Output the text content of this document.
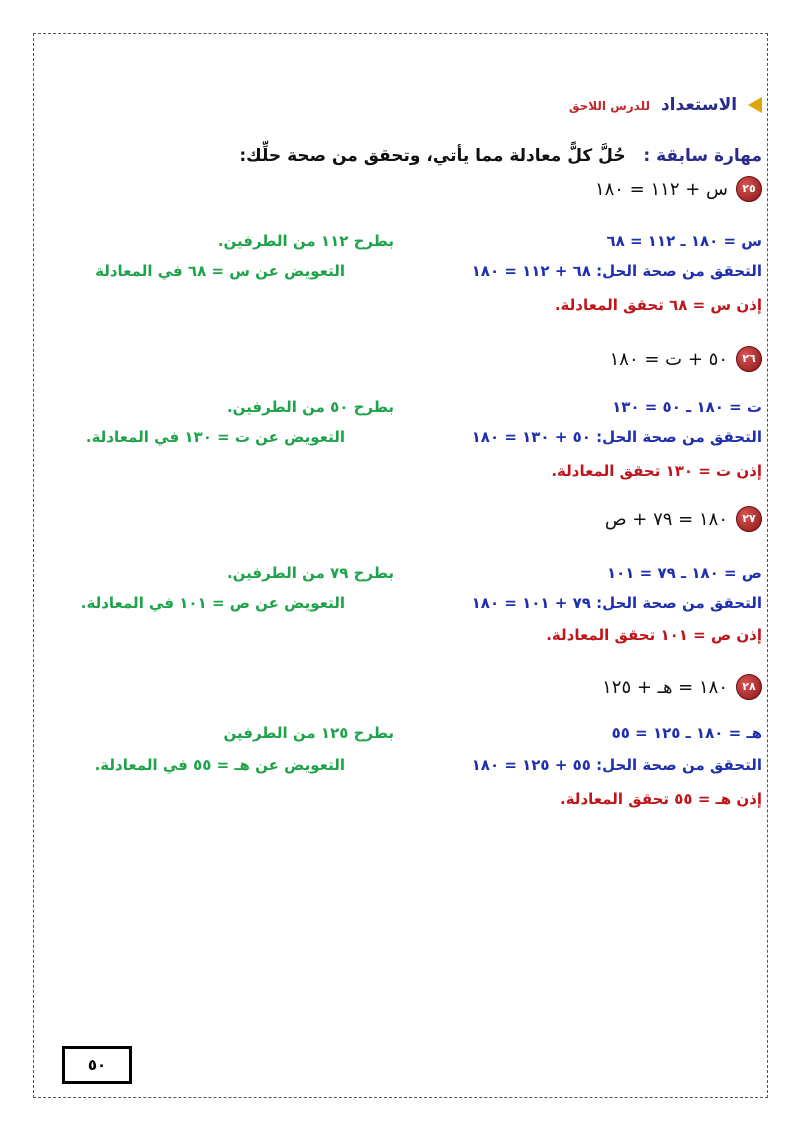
الاستعداد للدرس اللاحق
مهارة سابقة :   حُلَّ كلًّ معادلة مما يأتي، وتحقق من صحة حلِّك:
٢٥
س + ١١٢ = ١٨٠
س = ١٨٠ ـ ١١٢ = ٦٨
بطرح ١١٢ من الطرفين.
التحقق من صحة الحل: ٦٨ + ١١٢ = ١٨٠
التعويض عن س = ٦٨ في المعادلة
إذن س = ٦٨ تحقق المعادلة.
٢٦
٥٠ + ت = ١٨٠
ت = ١٨٠ ـ ٥٠ = ١٣٠
بطرح ٥٠ من الطرفين.
التحقق من صحة الحل: ٥٠ + ١٣٠ = ١٨٠
التعويض عن ت = ١٣٠ في المعادلة.
إذن ت = ١٣٠ تحقق المعادلة.
٢٧
١٨٠ = ٧٩ + ص
ص = ١٨٠ ـ ٧٩ = ١٠١
بطرح ٧٩ من الطرفين.
التحقق من صحة الحل: ٧٩ + ١٠١ = ١٨٠
التعويض عن ص = ١٠١ في المعادلة.
إذن ص = ١٠١ تحقق المعادلة.
٢٨
١٨٠ = هـ + ١٢٥
هـ = ١٨٠ ـ ١٢٥ = ٥٥
بطرح ١٢٥ من الطرفين
التحقق من صحة الحل: ٥٥ + ١٢٥ = ١٨٠
التعويض عن هـ = ٥٥ في المعادلة.
إذن هـ = ٥٥ تحقق المعادلة.
٥٠
